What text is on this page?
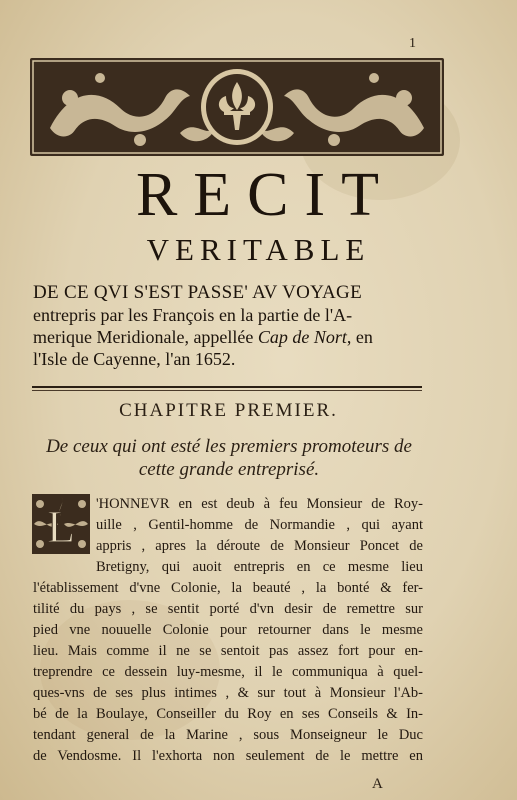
1
RECIT
VERITABLE
DE CE QVI S'EST PASSE' AV VOYAGE
entrepris par les François en la partie de l'A-
merique Meridionale, appellée Cap de Nort, en
l'Isle de Cayenne, l'an 1652.
CHAPITRE PREMIER.
De ceux qui ont esté les premiers promoteurs de cette grande entreprisé.
L	'HONNEVR en est deub à feu Monsieur de Roy-
uille , Gentil-homme de Normandie , qui ayant
appris , apres la déroute de Monsieur Poncet de
Bretigny, qui auoit entrepris en ce mesme lieu
l'établissement d'vne Colonie, la beauté , la bonté & fer-
tilité du pays , se sentit porté d'vn desir de remettre sur
pied vne nouuelle Colonie pour retourner dans le mesme
lieu. Mais comme il ne se sentoit pas assez fort pour en-
treprendre ce dessein luy-mesme, il le communiqua à quel-
ques-vns de ses plus intimes , & sur tout à Monsieur l'Ab-
bé de la Boulaye, Conseiller du Roy en ses Conseils & In-
tendant general de la Marine , sous Monseigneur le Duc
de Vendosme. Il l'exhorta non seulement de le mettre en
A
